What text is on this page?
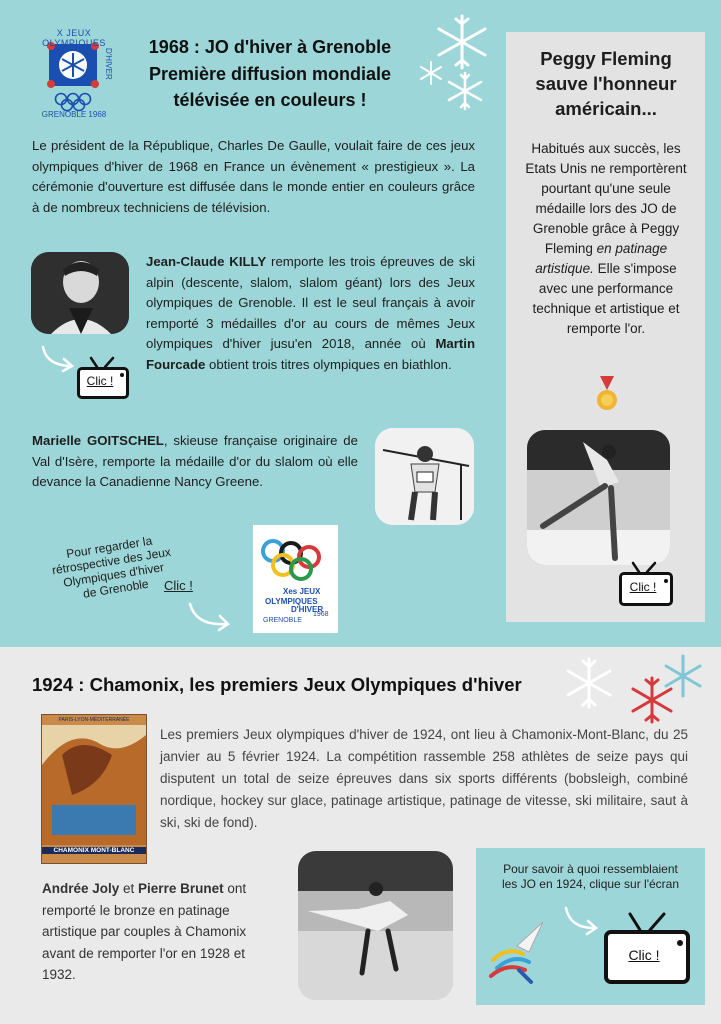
X JEUX OLYMPIQUES
D'HIVER
GRENOBLE 1968
1968 : JO d'hiver à Grenoble
Première diffusion mondiale
télévisée en couleurs !
Le président de la République, Charles De Gaulle, voulait faire de ces jeux olympiques d'hiver de 1968 en France un évènement « prestigieux ». La cérémonie d'ouverture est diffusée dans le monde entier en couleurs grâce à de nombreux techniciens de télévision.
Clic !
Jean-Claude KILLY remporte les trois épreuves de ski alpin (descente, slalom, slalom géant) lors des Jeux olympiques de Grenoble. Il est le seul français à avoir remporté 3 médailles d'or au cours de mêmes Jeux olympiques d'hiver jusu'en 2018, année où Martin Fourcade obtient trois titres olympiques en biathlon.
Marielle GOITSCHEL, skieuse française originaire de Val d'Isère, remporte la médaille d'or du slalom où elle devance la Canadienne Nancy Greene.
Pour regarder la
rétrospective des Jeux
Olympiques d'hiver
de Grenoble	Clic !	Xes JEUX
OLYMPIQUES
D'HIVER
GRENOBLE
1968
Peggy Fleming
sauve l'honneur
américain...
Habitués aux succès, les Etats Unis ne remportèrent pourtant qu'une seule médaille lors des JO de Grenoble grâce à Peggy Fleming en patinage artistique. Elle s'impose avec une performance technique et artistique et remporte l'or.
Clic !
1924 : Chamonix, les premiers Jeux Olympiques d'hiver
PARIS-LYON-MÉDITERRANÉE
CHAMONIX MONT-BLANC
Les premiers Jeux olympiques d'hiver de 1924, ont lieu à Chamonix-Mont-Blanc, du 25 janvier au 5 février 1924. La compétition rassemble 258 athlètes de seize pays qui disputent un total de seize épreuves dans six sports différents (bobsleigh, combiné nordique, hockey sur glace, patinage artistique, patinage de vitesse, ski militaire, saut à ski, ski de fond).
Andrée Joly et Pierre Brunet ont remporté le bronze en patinage artistique par couples à Chamonix avant de remporter l'or en 1928 et 1932.
Pour savoir à quoi ressemblaient
les JO en 1924, clique sur l'écran
Clic !
